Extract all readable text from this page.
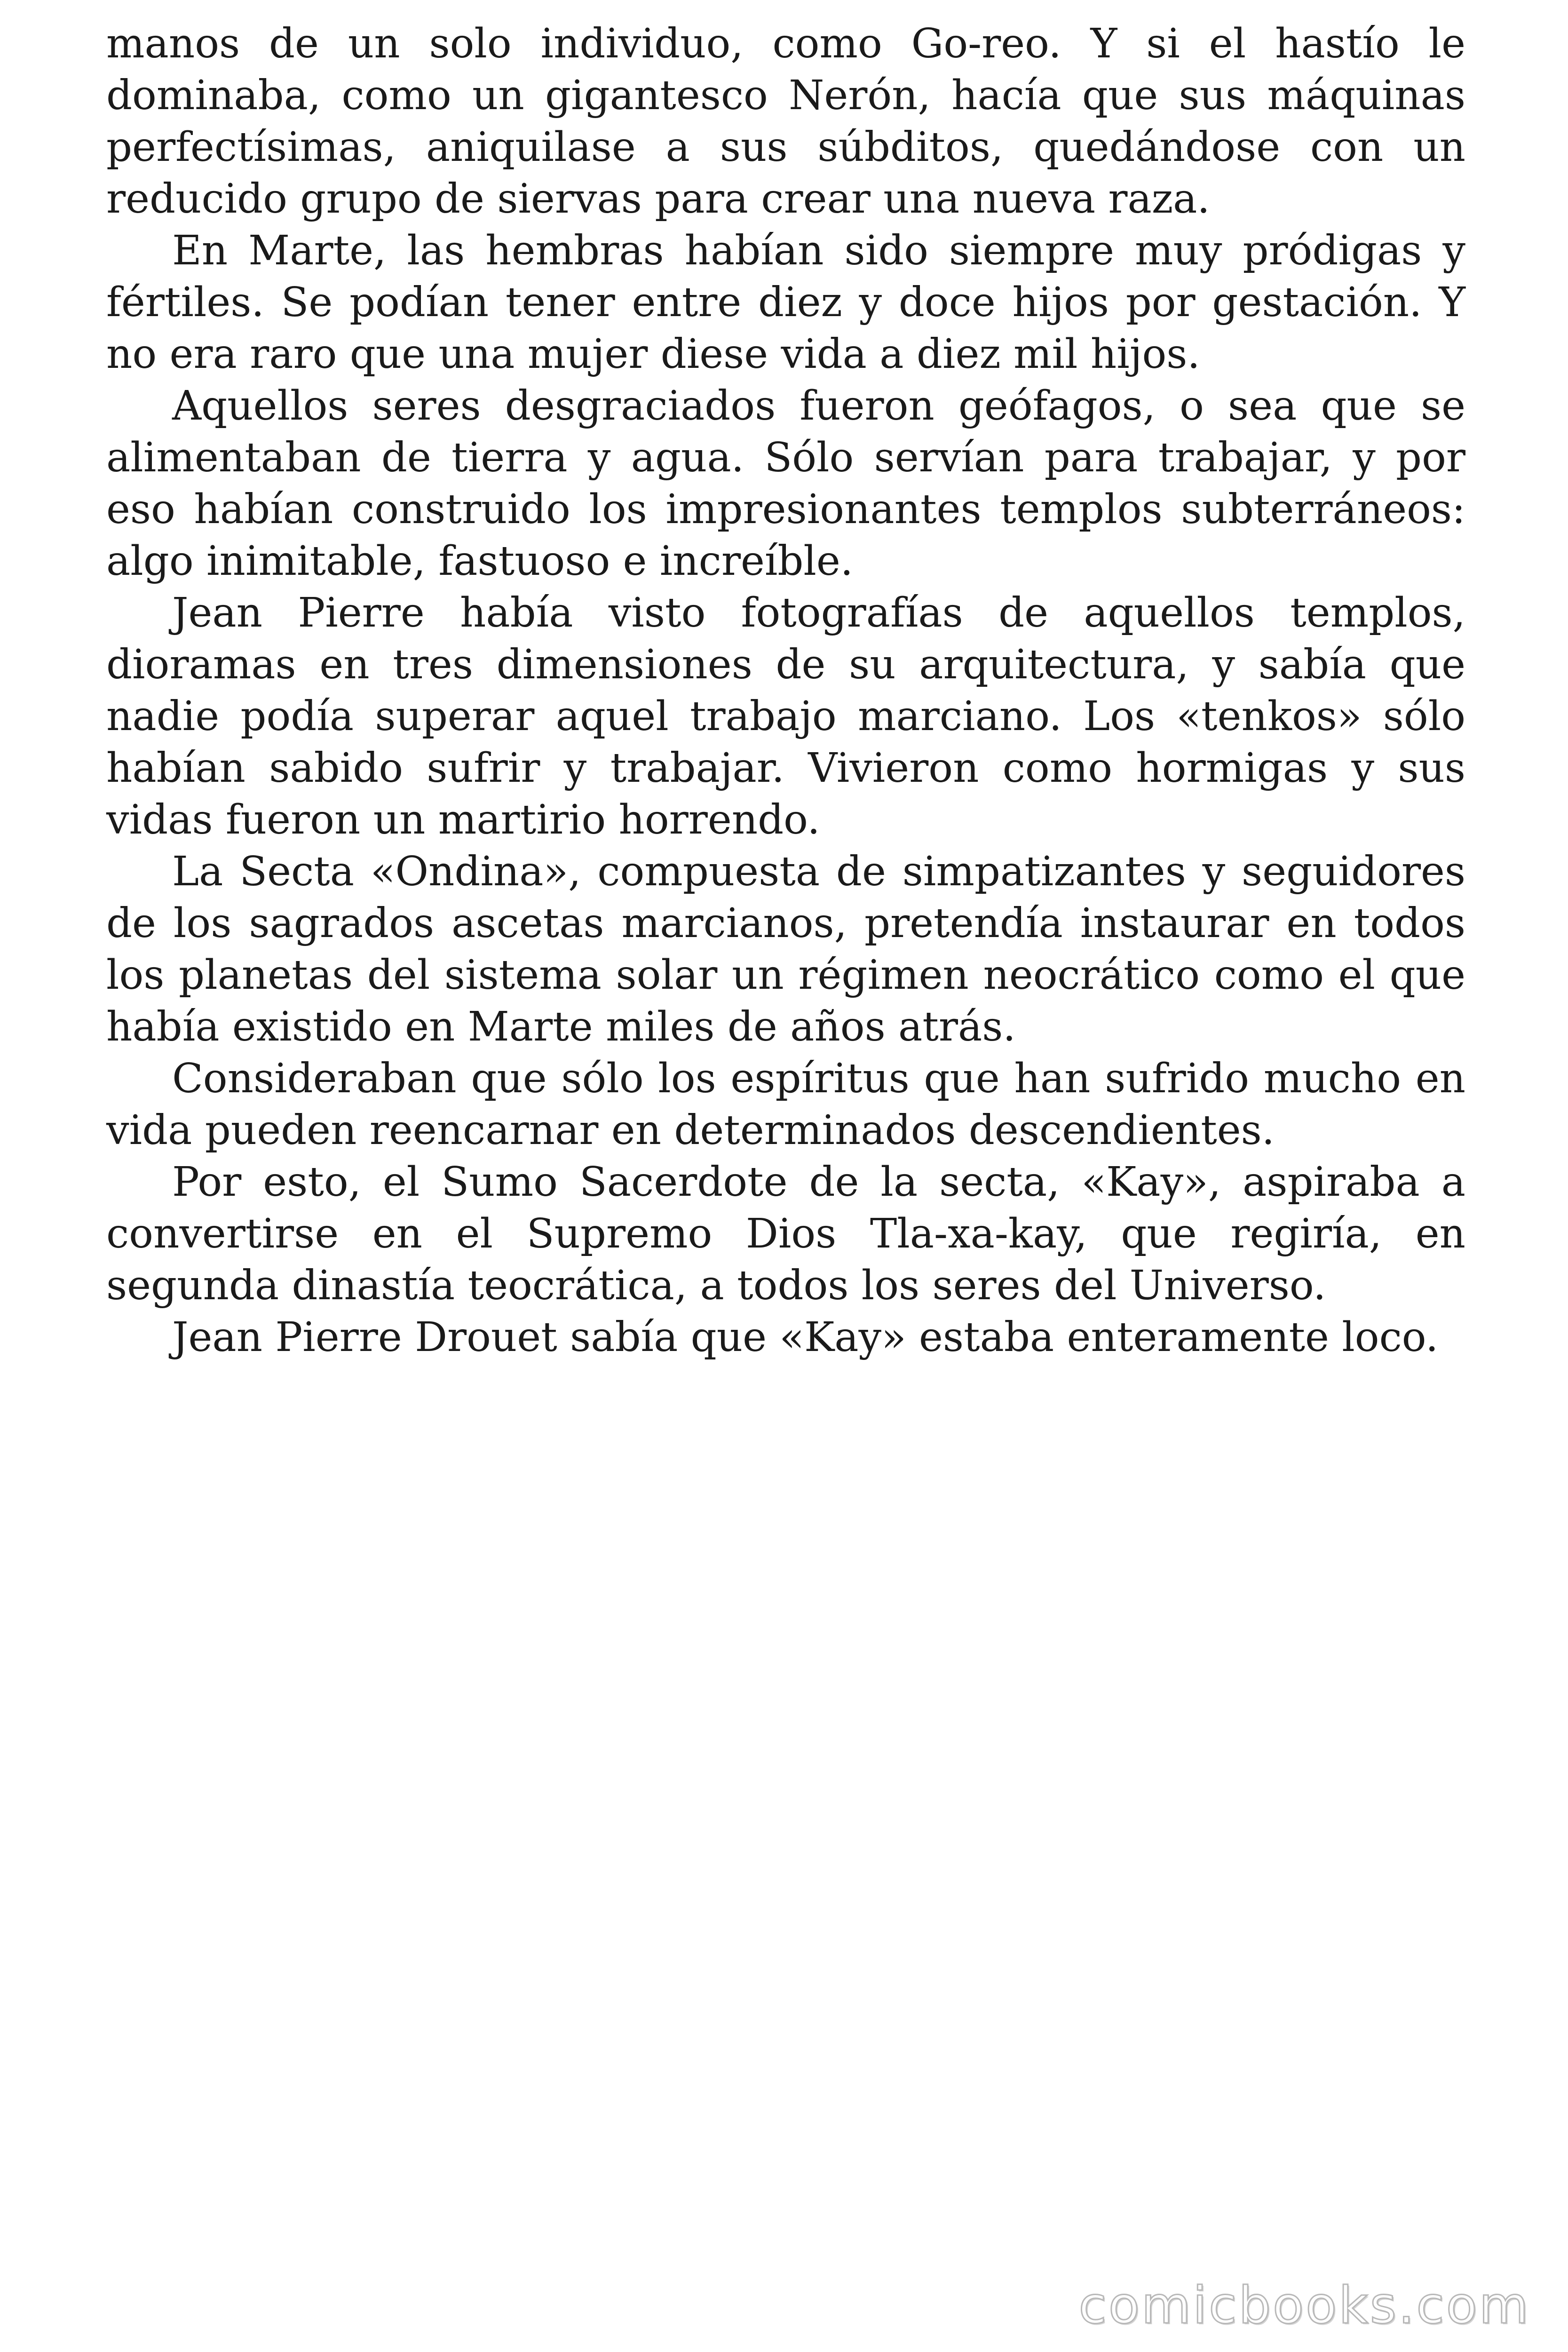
manos de un solo individuo, como Go-reo. Y si el hastío le dominaba, como un gigantesco Nerón, hacía que sus máquinas perfectísimas, aniquilase a sus súbditos, quedándose con un reducido grupo de siervas para crear una nueva raza.

En Marte, las hembras habían sido siempre muy pródigas y fértiles. Se podían tener entre diez y doce hijos por gestación. Y no era raro que una mujer diese vida a diez mil hijos.

Aquellos seres desgraciados fueron geófagos, o sea que se alimentaban de tierra y agua. Sólo servían para trabajar, y por eso habían construido los impresionantes templos subterráneos: algo inimitable, fastuoso e increíble.

Jean Pierre había visto fotografías de aquellos templos, dioramas en tres dimensiones de su arquitectura, y sabía que nadie podía superar aquel trabajo marciano. Los «tenkos» sólo habían sabido sufrir y trabajar. Vivieron como hormigas y sus vidas fueron un martirio horrendo.

La Secta «Ondina», compuesta de simpatizantes y seguidores de los sagrados ascetas marcianos, pretendía instaurar en todos los planetas del sistema solar un régimen neocrático como el que había existido en Marte miles de años atrás.

Consideraban que sólo los espíritus que han sufrido mucho en vida pueden reencarnar en determinados descendientes.

Por esto, el Sumo Sacerdote de la secta, «Kay», aspiraba a convertirse en el Supremo Dios Tla-xa-kay, que regiría, en segunda dinastía teocrática, a todos los seres del Universo.

Jean Pierre Drouet sabía que «Kay» estaba enteramente loco.

comicbooks.com
